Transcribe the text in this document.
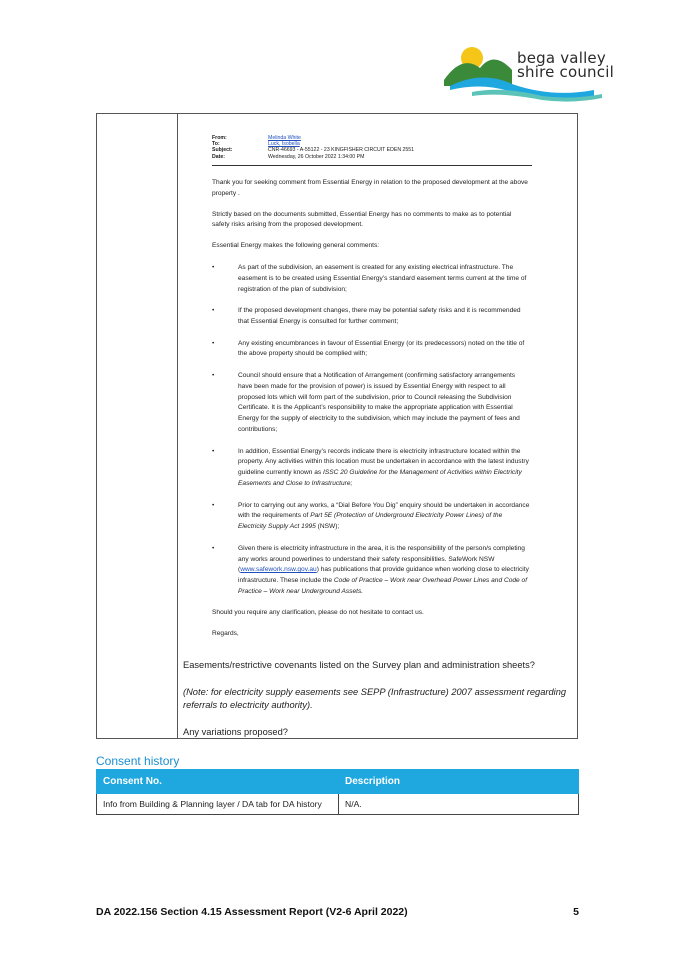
bega valley
shire council
From:	Melinda White
To:	Luck, Isobella
Subject:	CNR-46693 - A-55122 - 23 KINGFISHER CIRCUIT EDEN 2551
Date:	Wednesday, 26 October 2022 1:34:00 PM

Thank you for seeking comment from Essential Energy in relation to the proposed development at the above property .

Strictly based on the documents submitted, Essential Energy has no comments to make as to potential safety risks arising from the proposed development.

Essential Energy makes the following general comments:

•	As part of the subdivision, an easement is created for any existing electrical infrastructure. The easement is to be created using Essential Energy’s standard easement terms current at the time of registration of the plan of subdivision;
•	If the proposed development changes, there may be potential safety risks and it is recommended that Essential Energy is consulted for further comment;
•	Any existing encumbrances in favour of Essential Energy (or its predecessors) noted on the title of the above property should be complied with;
•	Council should ensure that a Notification of Arrangement (confirming satisfactory arrangements have been made for the provision of power) is issued by Essential Energy with respect to all proposed lots which will form part of the subdivision, prior to Council releasing the Subdivision Certificate. It is the Applicant’s responsibility to make the appropriate application with Essential Energy for the supply of electricity to the subdivision, which may include the payment of fees and contributions;
•	In addition, Essential Energy’s records indicate there is electricity infrastructure located within the property. Any activities within this location must be undertaken in accordance with the latest industry guideline currently known as ISSC 20 Guideline for the Management of Activities within Electricity Easements and Close to Infrastructure;
•	Prior to carrying out any works, a “Dial Before You Dig” enquiry should be undertaken in accordance with the requirements of Part 5E (Protection of Underground Electricity Power Lines) of the Electricity Supply Act 1995 (NSW);
•	Given there is electricity infrastructure in the area, it is the responsibility of the person/s completing any works around powerlines to understand their safety responsibilities. SafeWork NSW (www.safework.nsw.gov.au) has publications that provide guidance when working close to electricity infrastructure. These include the Code of Practice – Work near Overhead Power Lines and Code of Practice – Work near Underground Assets.

Should you require any clarification, please do not hesitate to contact us.

Regards,

Easements/restrictive covenants listed on the Survey plan and administration sheets?
(Note: for electricity supply easements see SEPP (Infrastructure) 2007 assessment regarding referrals to electricity authority).
Any variations proposed?
Consent history
Consent No.	Description
Info from Building & Planning layer / DA tab for DA history	N/A.
DA 2022.156 Section 4.15 Assessment Report (V2-6 April 2022)	5
